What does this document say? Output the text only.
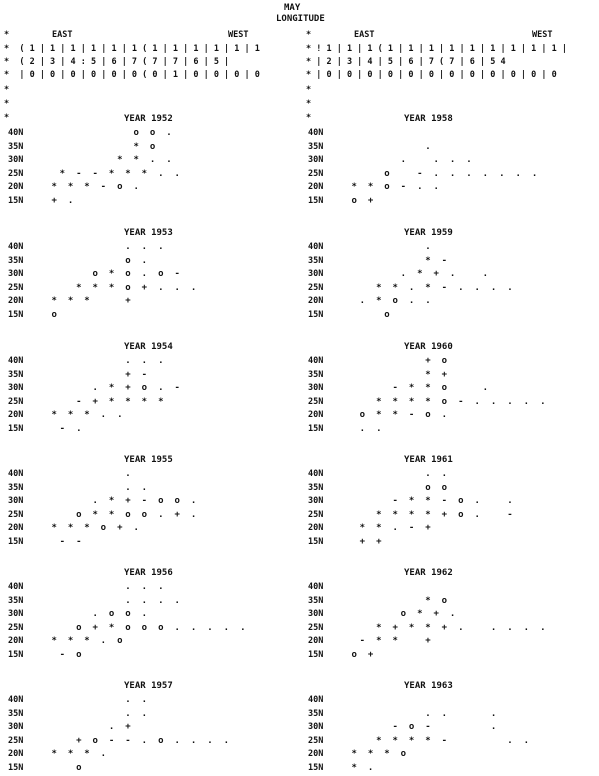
MAY
LONGITUDE
EAST	WEST
*  ( 1 | 1 | 1 | 1 | 1 | 1 ( 1 | 1 | 1 | 1 | 1 | 1
*  ( 2 | 3 | 4 : 5 | 6 | 7 ( 7 | 7 | 6 | 5 |
*  | 0 | 0 | 0 | 0 | 0 | 0 ( 0 | 1 | 0 | 0 | 0 | 0
*
*
*
*	EAST	WEST
* ! 1 | 1 | 1 ( 1 | 1 | 1 | 1 | 1 | 1 | 1 | 1 | 1 |
* | 2 | 3 | 4 | 5 | 6 | 7 ( 7 | 6 | 5 4
* | 0 | 0 | 0 | 0 | 0 | 0 | 0 | 0 | 0 | 0 | 0 | 0
*
*
*
*
YEAR 1952
40N	o o .
35N	* o
30N	* * . .
25N	* - - * * * . .
20N	* * * - o .
15N	+ .
YEAR 1958
40N
35N	.
30N	.	. . .
25N	o	- . . . . . . .
20N	* * o - . .
15N	o +
YEAR 1953
40N	. . .
35N	o .
30N	o * o . o -
25N	* * * o + . . .
20N	* * *	+
15N	o
YEAR 1959
40N	.
35N	* -
30N	. * + .	.
25N	* * . * - . . . .
20N	. * o . .
15N	o
YEAR 1954
40N	. . .
35N	+ -
30N	. * + o . -
25N	- + * * * *
20N	* * * . .
15N	- .
YEAR 1960
40N	+ o
35N	* +
30N	- * * o	.
25N	* * * * o - . . . . .
20N	o * * - o .
15N	. .
YEAR 1955
40N	.
35N	. .
30N	. * + - o o .
25N	o * * o o . + .
20N	* * * o + .
15N	- -
YEAR 1961
40N	. .
35N	o o
30N	- * * - o .	.
25N	* * * * + o .	-
20N	* * . - +
15N	+ +
YEAR 1956
40N	. . .
35N	. . . .
30N	. o o .
25N	o + * o o o . . . . .
20N	* * * . o
15N	- o
YEAR 1962
40N
35N	* o
30N	o * + .
25N	* + * * + .	. . . .
20N	- * *	+
15N	o +
YEAR 1957
40N	. .
35N	. .
30N	. +
25N	+ o - - . o . . . .
20N	* * * .
15N	o
YEAR 1963
40N
35N	. .	.
30N	- o -	.
25N	* * * * -	. .
20N	* * * o
15N	* .
